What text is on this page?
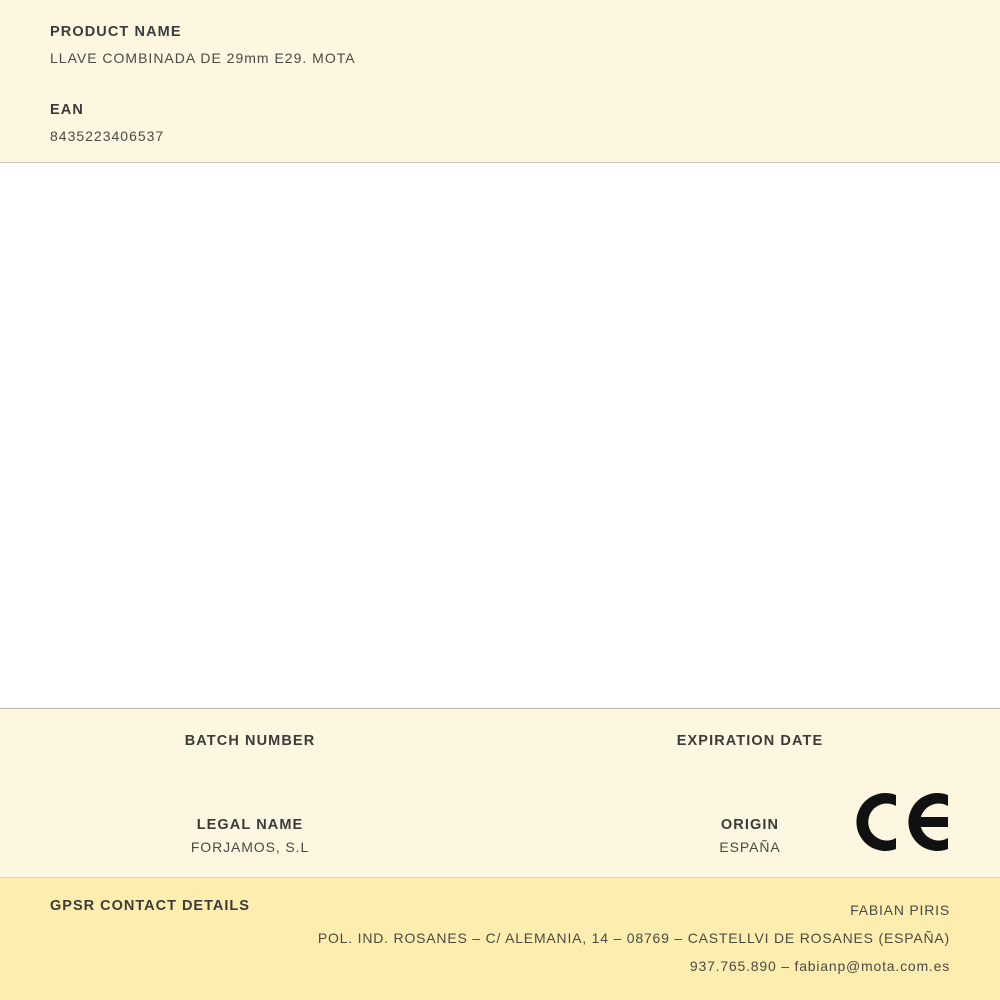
PRODUCT NAME

LLAVE COMBINADA DE 29mm E29. MOTA

EAN

8435223406537

BATCH NUMBER	EXPIRATION DATE

LEGAL NAME

FORJAMOS, S.L

ORIGIN

ESPAÑA

GPSR CONTACT DETAILS	FABIAN PIRIS
POL. IND. ROSANES – C/ ALEMANIA, 14 – 08769 – CASTELLVI DE ROSANES (ESPAÑA)
937.765.890 – fabianp@mota.com.es
